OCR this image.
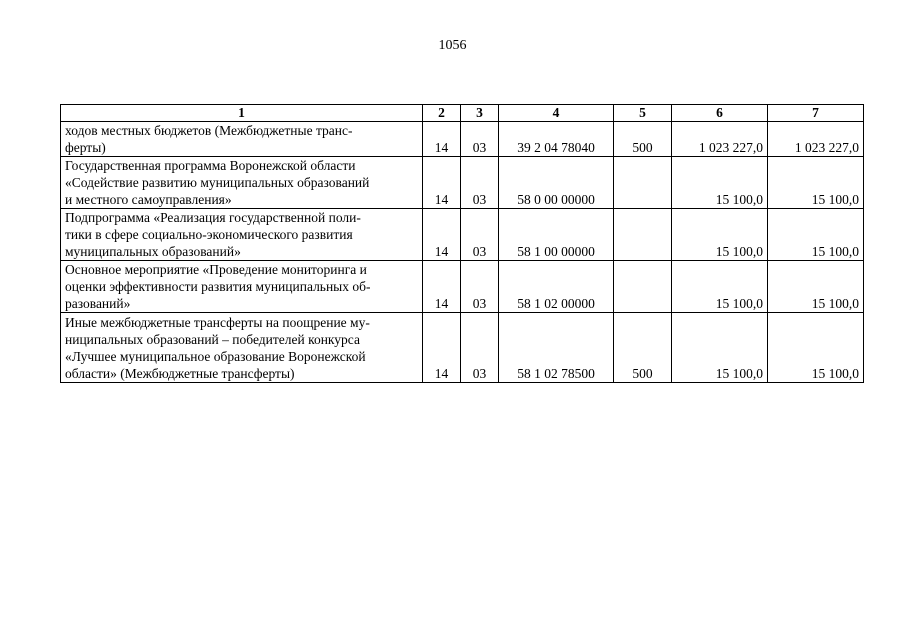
1056
1	2	3	4	5	6	7
ходов местных бюджетов (Межбюджетные транс-
ферты)	14	03	39 2 04 78040	500	1 023 227,0	1 023 227,0
Государственная программа Воронежской области
«Содействие развитию муниципальных образований
и местного самоуправления»	14	03	58 0 00 00000		15 100,0	15 100,0
Подпрограмма «Реализация государственной поли-
тики в сфере социально-экономического развития
муниципальных образований»	14	03	58 1 00 00000		15 100,0	15 100,0
Основное мероприятие «Проведение мониторинга и
оценки эффективности развития муниципальных об-
разований»	14	03	58 1 02 00000		15 100,0	15 100,0
Иные межбюджетные трансферты на поощрение му-
ниципальных образований – победителей конкурса
«Лучшее муниципальное образование Воронежской
области» (Межбюджетные трансферты)	14	03	58 1 02 78500	500	15 100,0	15 100,0
